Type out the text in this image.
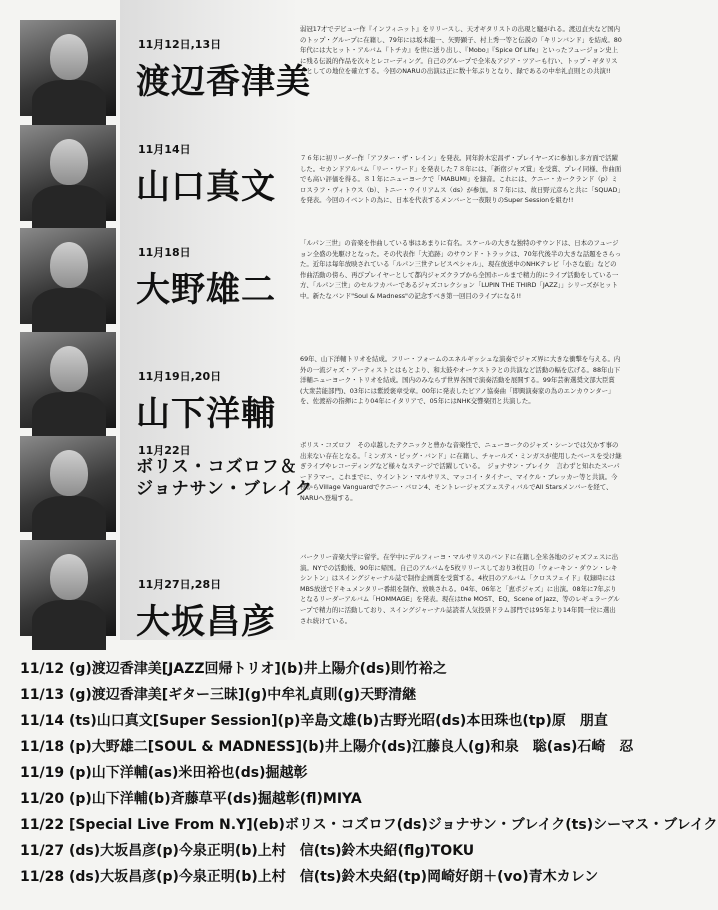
11月12日,13日
渡辺香津美
弱冠17才でデビュー作『インフィニット』をリリースし、天才ギタリストの出現と騒がれる。渡辺貞夫など国内のトップ・グループに在籍し、79年には坂本龍一、矢野顕子、村上秀一等と伝説の「キリンバンド」を結成。80年代には大ヒット・アルバム『トチカ』を世に送り出し、『Mobo』『Spice Of Life』といったフュージョン史上に残る伝説的作品を次々とレコーディング。自己のグループで全米＆アジア・ツアーも行い、トップ・ギタリストとしての地位を確立する。今回のNARUの出演は正に数十年ぶりとなり、録であるの中牟礼貞則との共演!!
11月14日
山口真文
７６年に初リーダー作「アフター・ザ・レイン」を発表。同年鈴木宏昌ザ・プレイヤーズに参加し多方面で活躍した。セカンドアルバム「リー・ワード」を発表した７８年には、「新宿ジャズ賞」を受賞、プレイ同様、作曲面でも高い評価を得る。８１年にニューヨークで「MABUMI」を録音。これには、ケニー・カークランド（p）ミロスラフ・ヴィトウス（b）、トニー・ウイリアムス（ds）が参加。８７年には、故日野元彦らと共に「SQUAD」を発表。今回のイベントの為に、日本を代表するメンバーと一夜限りのSuper Sessionを組む!!
11月18日
大野雄二
「ルパン三世」の音楽を作曲している事はあまりに有名。スケールの大きな独特のサウンドは、日本のフュージョン全盛の先駆けとなった。その代表作「大追跡」のサウンド・トラックは、70年代後半の大きな話題をさらった。近年は毎年放映されている「ルパン三世テレビスペシャル」、現在放送中のNHKテレビ「小さな旅」などの作曲活動の傍ら、再びプレイヤーとして都内ジャズクラブから全国ホールまで精力的にライブ活動をしている一方、「ルパン三世」のセルフカバーであるジャズコレクション「LUPIN THE THIRD「JAZZ」」シリーズがヒット中。新たなバンド"Soul & Madness"の記念すべき第一回目のライブになる!!
11月19日,20日
山下洋輔
69年、山下洋輔トリオを結成。フリー・フォームのエネルギッシュな演奏でジャズ界に大きな衝撃を与える。内外の一流ジャズ・アーティストとはもとより、和太鼓やオーケストラとの共演など活動の幅を広げる。88年山下洋輔ニューヨーク・トリオを結成。国内のみならず世界各国で演奏活動を展開する。99年芸術選奨文部大臣賞(大衆芸能部門)、03年には紫綬褒章受章。00年に発表したピアノ協奏曲「即興演奏家の為のエンカウンター」を、佐渡裕の指揮により04年にイタリアで、05年にはNHK交響楽団と共演した。
11月22日
ボリス・コズロフ＆
ジョナサン・ブレイク
ボリス・コズロフ　その卓越したテクニックと豊かな音楽性で、ニューヨークのジャズ・シーンでは欠かす事の出来ない存在となる。「ミンガス・ビッグ・バンド」に在籍し、チャールズ・ミンガスが使用したベースを受け継ぎライブやレコーディングなど様々なステージで活躍している。　ジョナサン・ブレイク　言わずと知れたスーパードラマー。これまでに、ウイントン・マルサリス、マッコイ・タイナー、マイケル・ブレッカー等と共演。今秋からVillage Vanguardでケニー・バロン4、モントレージャズフェスティバルでAll Starsメンバーを経て、NARUへ登場する。
11月27日,28日
大坂昌彦
バークリー音楽大学に留学。在学中にデルフィーヨ・マルサリスのバンドに在籍し全米各地のジャズフェスに出演。NYでの活動後、90年に帰国。自己のアルバムを5枚リリースしており3枚目の「ウォーキン・ダウン・レキシントン」はスイングジャーナル誌で制作企画賞を受賞する。4枚目のアルバム「クロスフェイド」収録時にはMBS放送でドキュメンタリー番組を制作、放映される。04年、06年と「恵ポジャズ」に出演。08年に7年ぶりとなるリーダーアルバム「HOMMAGE」を発表。現在はthe MOST、EQ、Scene of Jazz、等のレギュラーグループで精力的に活動しており、スイングジャーナル誌読者人気投票ドラム部門では95年より14年間一位に選出され続けている。
11/12 (g)渡辺香津美[JAZZ回帰トリオ](b)井上陽介(ds)則竹裕之
11/13 (g)渡辺香津美[ギター三昧](g)中牟礼貞則(g)天野清継
11/14 (ts)山口真文[Super Session](p)辛島文雄(b)古野光昭(ds)本田珠也(tp)原　朋直
11/18 (p)大野雄二[SOUL & MADNESS](b)井上陽介(ds)江藤良人(g)和泉　聡(as)石崎　忍
11/19 (p)山下洋輔(as)米田裕也(ds)掘越彰
11/20 (p)山下洋輔(b)斉藤草平(ds)掘越彰(fl)MIYA
11/22 [Special Live From N.Y](eb)ボリス・コズロフ(ds)ジョナサン・ブレイク(ts)シーマス・ブレイク
11/27 (ds)大坂昌彦(p)今泉正明(b)上村　信(ts)鈴木央紹(flg)TOKU
11/28 (ds)大坂昌彦(p)今泉正明(b)上村　信(ts)鈴木央紹(tp)岡崎好朗＋(vo)青木カレン
